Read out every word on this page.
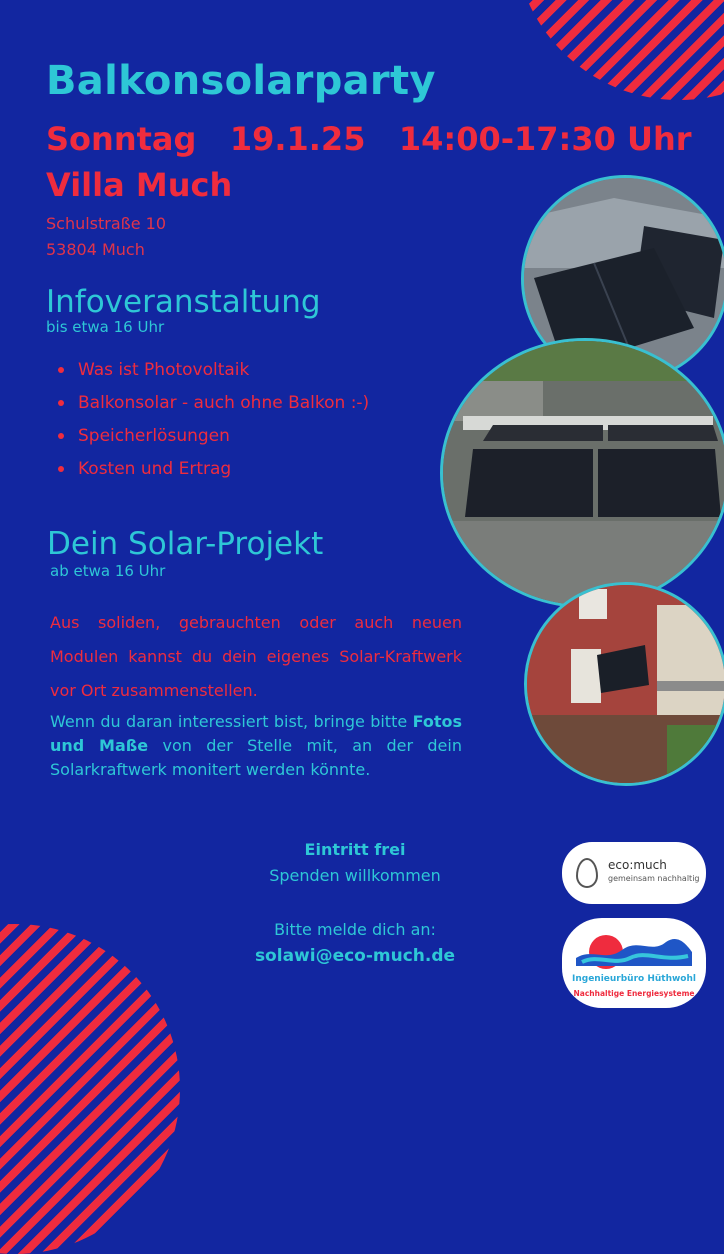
Balkonsolarparty
Sonntag   19.1.25   14:00-17:30 Uhr
Villa Much
Schulstraße 10
53804 Much
Infoveranstaltung
bis etwa 16 Uhr
Was ist Photovoltaik
Balkonsolar - auch ohne Balkon :-)
Speicherlösungen
Kosten und Ertrag
Dein Solar-Projekt
ab etwa 16 Uhr
Aus soliden, gebrauchten oder auch neuen Modulen kannst du dein eigenes Solar-Kraftwerk vor Ort zusammenstellen.
Wenn du daran interessiert bist, bringe bitte Fotos und Maße von der Stelle mit, an der dein Solarkraftwerk monitert werden könnte.
Eintritt frei
Spenden willkommen
Bitte melde dich an:
solawi@eco-much.de
eco:much
gemeinsam nachhaltig
Ingenieurbüro Hüthwohl
Nachhaltige Energiesysteme
